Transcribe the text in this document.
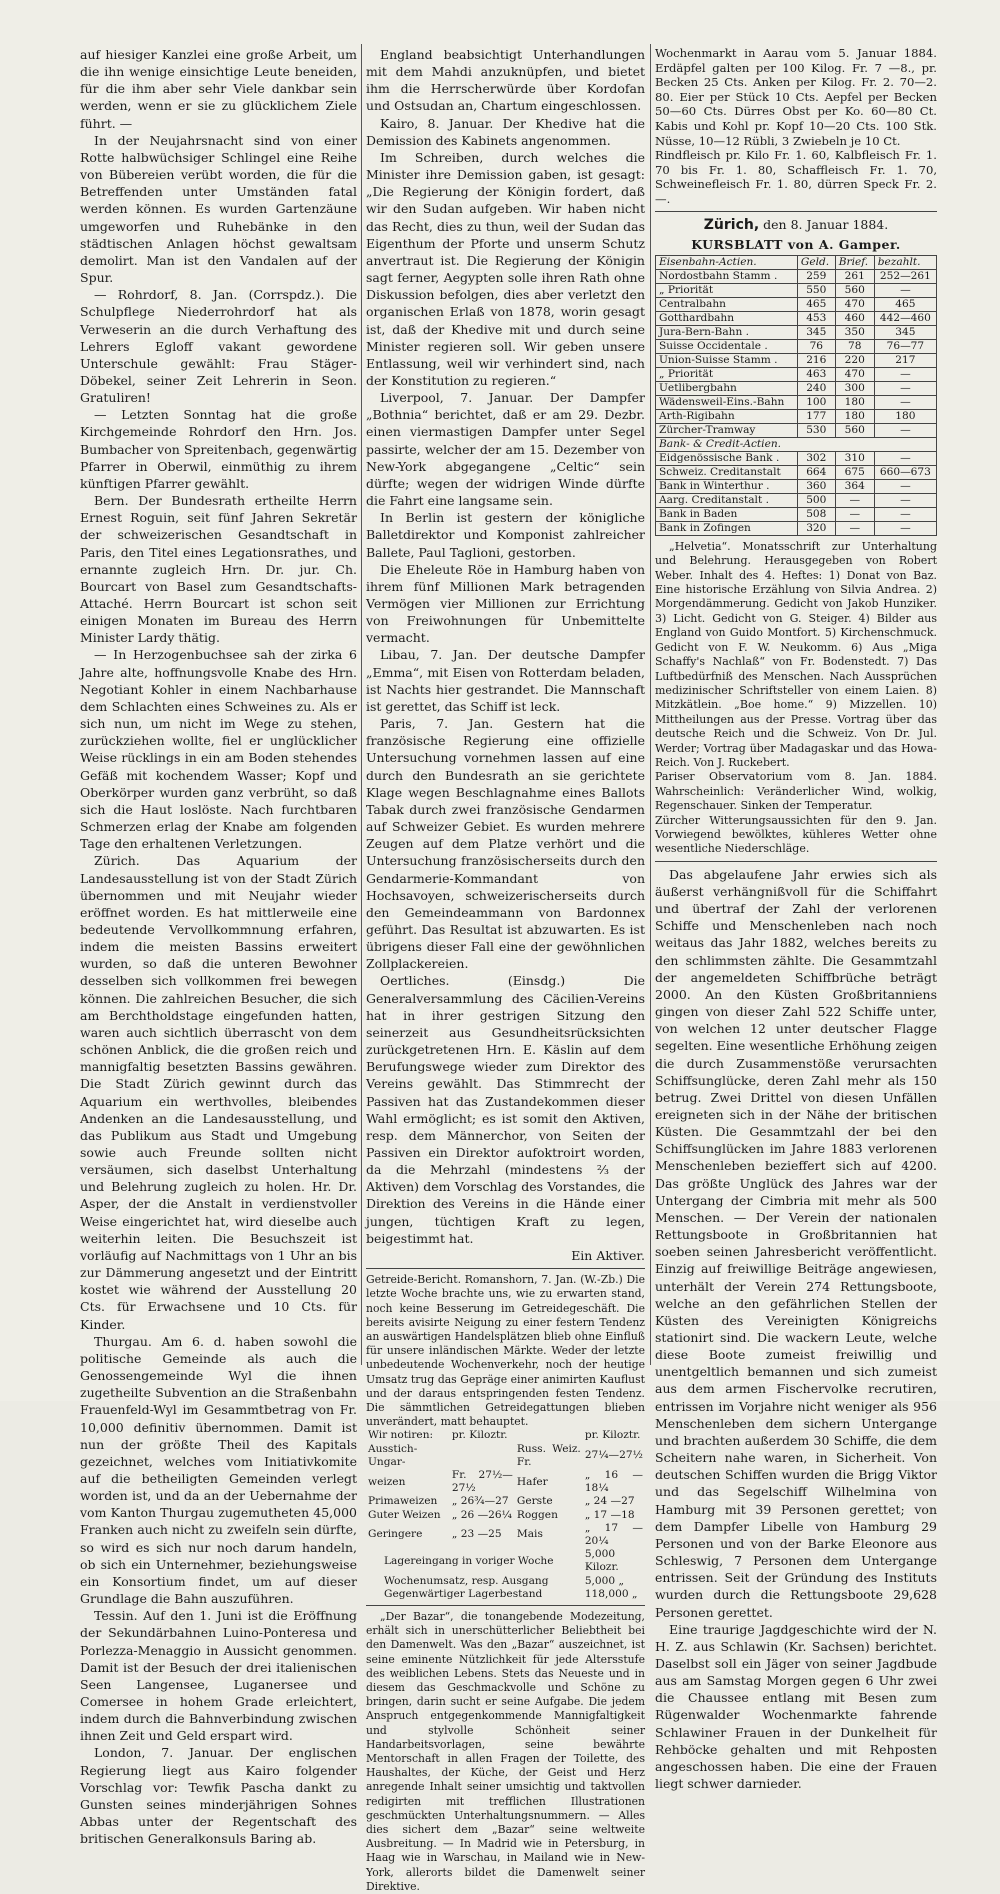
auf hiesiger Kanzlei eine große Arbeit, um die ihn wenige einsichtige Leute beneiden, für die ihm aber sehr Viele dankbar sein werden, wenn er sie zu glücklichem Ziele führt. —

In der Neujahrsnacht sind von einer Rotte halbwüchsiger Schlingel eine Reihe von Bübereien verübt worden, die für die Betreffenden unter Umständen fatal werden können. Es wurden Gartenzäune umgeworfen und Ruhebänke in den städtischen Anlagen höchst gewaltsam demolirt. Man ist den Vandalen auf der Spur.

— Rohrdorf, 8. Jan. (Corrspdz.). Die Schulpflege Niederrohrdorf hat als Verweserin an die durch Verhaftung des Lehrers Egloff vakant gewordene Unterschule gewählt: Frau Stäger-Döbekel, seiner Zeit Lehrerin in Seon. Gratuliren!

— Letzten Sonntag hat die große Kirchgemeinde Rohrdorf den Hrn. Jos. Bumbacher von Spreitenbach, gegenwärtig Pfarrer in Oberwil, einmüthig zu ihrem künftigen Pfarrer gewählt.

Bern. Der Bundesrath ertheilte Herrn Ernest Roguin, seit fünf Jahren Sekretär der schweizerischen Gesandtschaft in Paris, den Titel eines Legationsrathes, und ernannte zugleich Hrn. Dr. jur. Ch. Bourcart von Basel zum Gesandtschafts-Attaché. Herrn Bourcart ist schon seit einigen Monaten im Bureau des Herrn Minister Lardy thätig.

— In Herzogenbuchsee sah der zirka 6 Jahre alte, hoffnungsvolle Knabe des Hrn. Negotiant Kohler in einem Nachbarhause dem Schlachten eines Schweines zu. Als er sich nun, um nicht im Wege zu stehen, zurückziehen wollte, fiel er unglücklicher Weise rücklings in ein am Boden stehendes Gefäß mit kochendem Wasser; Kopf und Oberkörper wurden ganz verbrüht, so daß sich die Haut loslöste. Nach furchtbaren Schmerzen erlag der Knabe am folgenden Tage den erhaltenen Verletzungen.

Zürich. Das Aquarium der Landesausstellung ist von der Stadt Zürich übernommen und mit Neujahr wieder eröffnet worden. Es hat mittlerweile eine bedeutende Vervollkommnung erfahren, indem die meisten Bassins erweitert wurden, so daß die unteren Bewohner desselben sich vollkommen frei bewegen können. Die zahlreichen Besucher, die sich am Berchtholdstage eingefunden hatten, waren auch sichtlich überrascht von dem schönen Anblick, die die großen reich und mannigfaltig besetzten Bassins gewähren. Die Stadt Zürich gewinnt durch das Aquarium ein werthvolles, bleibendes Andenken an die Landesausstellung, und das Publikum aus Stadt und Umgebung sowie auch Freunde sollten nicht versäumen, sich daselbst Unterhaltung und Belehrung zugleich zu holen. Hr. Dr. Asper, der die Anstalt in verdienstvoller Weise eingerichtet hat, wird dieselbe auch weiterhin leiten. Die Besuchszeit ist vorläufig auf Nachmittags von 1 Uhr an bis zur Dämmerung angesetzt und der Eintritt kostet wie während der Ausstellung 20 Cts. für Erwachsene und 10 Cts. für Kinder.

Thurgau. Am 6. d. haben sowohl die politische Gemeinde als auch die Genossengemeinde Wyl die ihnen zugetheilte Subvention an die Straßenbahn Frauenfeld-Wyl im Gesammtbetrag von Fr. 10,000 definitiv übernommen. Damit ist nun der größte Theil des Kapitals gezeichnet, welches vom Initiativkomite auf die betheiligten Gemeinden verlegt worden ist, und da an der Uebernahme der vom Kanton Thurgau zugemutheten 45,000 Franken auch nicht zu zweifeln sein dürfte, so wird es sich nur noch darum handeln, ob sich ein Unternehmer, beziehungsweise ein Konsortium findet, um auf dieser Grundlage die Bahn auszuführen.

Tessin. Auf den 1. Juni ist die Eröffnung der Sekundärbahnen Luino-Ponteresa und Porlezza-Menaggio in Aussicht genommen. Damit ist der Besuch der drei italienischen Seen Langensee, Luganersee und Comersee in hohem Grade erleichtert, indem durch die Bahnverbindung zwischen ihnen Zeit und Geld erspart wird.

London, 7. Januar. Der englischen Regierung liegt aus Kairo folgender Vorschlag vor: Tewfik Pascha dankt zu Gunsten seines minderjährigen Sohnes Abbas unter der Regentschaft des britischen Generalkonsuls Baring ab.

England beabsichtigt Unterhandlungen mit dem Mahdi anzuknüpfen, und bietet ihm die Herrscherwürde über Kordofan und Ostsudan an, Chartum eingeschlossen.

Kairo, 8. Januar. Der Khedive hat die Demission des Kabinets angenommen.

Im Schreiben, durch welches die Minister ihre Demission gaben, ist gesagt: „Die Regierung der Königin fordert, daß wir den Sudan aufgeben. Wir haben nicht das Recht, dies zu thun, weil der Sudan das Eigenthum der Pforte und unserm Schutz anvertraut ist. Die Regierung der Königin sagt ferner, Aegypten solle ihren Rath ohne Diskussion befolgen, dies aber verletzt den organischen Erlaß von 1878, worin gesagt ist, daß der Khedive mit und durch seine Minister regieren soll. Wir geben unsere Entlassung, weil wir verhindert sind, nach der Konstitution zu regieren.“

Liverpool, 7. Januar. Der Dampfer „Bothnia“ berichtet, daß er am 29. Dezbr. einen viermastigen Dampfer unter Segel passirte, welcher der am 15. Dezember von New-York abgegangene „Celtic“ sein dürfte; wegen der widrigen Winde dürfte die Fahrt eine langsame sein.

In Berlin ist gestern der königliche Balletdirektor und Komponist zahlreicher Ballete, Paul Taglioni, gestorben.

Die Eheleute Röe in Hamburg haben von ihrem fünf Millionen Mark betragenden Vermögen vier Millionen zur Errichtung von Freiwohnungen für Unbemittelte vermacht.

Libau, 7. Jan. Der deutsche Dampfer „Emma“, mit Eisen von Rotterdam beladen, ist Nachts hier gestrandet. Die Mannschaft ist gerettet, das Schiff ist leck.

Paris, 7. Jan. Gestern hat die französische Regierung eine offizielle Untersuchung vornehmen lassen auf eine durch den Bundesrath an sie gerichtete Klage wegen Beschlagnahme eines Ballots Tabak durch zwei französische Gendarmen auf Schweizer Gebiet. Es wurden mehrere Zeugen auf dem Platze verhört und die Untersuchung französischerseits durch den Gendarmerie-Kommandant von Hochsavoyen, schweizerischerseits durch den Gemeindeammann von Bardonnex geführt. Das Resultat ist abzuwarten. Es ist übrigens dieser Fall eine der gewöhnlichen Zollplackereien.

Oertliches. (Einsdg.) Die Generalversammlung des Cäcilien-Vereins hat in ihrer gestrigen Sitzung den seinerzeit aus Gesundheitsrücksichten zurückgetretenen Hrn. E. Käslin auf dem Berufungswege wieder zum Direktor des Vereins gewählt. Das Stimmrecht der Passiven hat das Zustandekommen dieser Wahl ermöglicht; es ist somit den Aktiven, resp. dem Männerchor, von Seiten der Passiven ein Direktor aufoktroirt worden, da die Mehrzahl (mindestens ⅔ der Aktiven) dem Vorschlag des Vorstandes, die Direktion des Vereins in die Hände einer jungen, tüchtigen Kraft zu legen, beigestimmt hat.

Ein Aktiver.

Getreide-Bericht. Romanshorn, 7. Jan. (W.-Zb.) Die letzte Woche brachte uns, wie zu erwarten stand, noch keine Besserung im Getreidegeschäft. Die bereits avisirte Neigung zu einer festern Tendenz an auswärtigen Handelsplätzen blieb ohne Einfluß für unsere inländischen Märkte. Weder der letzte unbedeutende Wochenverkehr, noch der heutige Umsatz trug das Gepräge einer animirten Kauflust und der daraus entspringenden festen Tendenz. Die sämmtlichen Getreidegattungen blieben unverändert, matt behauptet.

Wir notiren:	pr. Kiloztr.		pr. Kiloztr.
Ausstich-Ungar-		Russ. Weiz. Fr.	27¼—27½
weizen	Fr. 27½—27½	Hafer	„ 16 —18¼
Primaweizen	„ 26¾—27	Gerste	„ 24 —27
Guter Weizen	„ 26 —26¼	Roggen	„ 17 —18
Geringere	„ 23 —25	Mais	„ 17 —20¼
Lagereingang in voriger Woche			5,000 Kilozr.
Wochenumsatz, resp. Ausgang			5,000 „
Gegenwärtiger Lagerbestand			118,000 „

„Der Bazar“, die tonangebende Modezeitung, erhält sich in unerschütterlicher Beliebtheit bei den Damenwelt. Was den „Bazar“ auszeichnet, ist seine eminente Nützlichkeit für jede Altersstufe des weiblichen Lebens. Stets das Neueste und in diesem das Geschmackvolle und Schöne zu bringen, darin sucht er seine Aufgabe. Die jedem Anspruch entgegenkommende Mannigfaltigkeit und stylvolle Schönheit seiner Handarbeitsvorlagen, seine bewährte Mentorschaft in allen Fragen der Toilette, des Haushaltes, der Küche, der Geist und Herz anregende Inhalt seiner umsichtig und taktvollen redigirten mit trefflichen Illustrationen geschmückten Unterhaltungsnummern. — Alles dies sichert dem „Bazar“ seine weltweite Ausbreitung. — In Madrid wie in Petersburg, in Haag wie in Warschau, in Mailand wie in New-York, allerorts bildet die Damenwelt seiner Direktive.

Wochenmarkt in Aarau vom 5. Januar 1884. Erdäpfel galten per 100 Kilog. Fr. 7 —8., pr. Becken 25 Cts. Anken per Kilog. Fr. 2. 70—2. 80. Eier per Stück 10 Cts. Aepfel per Becken 50—60 Cts. Dürres Obst per Ko. 60—80 Ct. Kabis und Kohl pr. Kopf 10—20 Cts. 100 Stk. Nüsse, 10—12 Rübli, 3 Zwiebeln je 10 Ct.

Rindfleisch pr. Kilo Fr. 1. 60, Kalbfleisch Fr. 1. 70 bis Fr. 1. 80, Schaffleisch Fr. 1. 70, Schweinefleisch Fr. 1. 80, dürren Speck Fr. 2. —.

Zürich, den 8. Januar 1884.

KURSBLATT von A. Gamper.

Eisenbahn-Actien.	Geld.	Brief.	bezahlt.
Nordostbahn Stamm .	259	261	252—261
„ Priorität	550	560	—
Centralbahn	465	470	465
Gotthardbahn	453	460	442—460
Jura-Bern-Bahn .	345	350	345
Suisse Occidentale .	76	78	76—77
Union-Suisse Stamm .	216	220	217
„ Priorität	463	470	—
Uetlibergbahn	240	300	—
Wädensweil-Eins.-Bahn	100	180	—
Arth-Rigibahn	177	180	180
Zürcher-Tramway	530	560	—
Bank- & Credit-Actien.			
Eidgenössische Bank .	302	310	—
Schweiz. Creditanstalt	664	675	660—673
Bank in Winterthur .	360	364	—
Aarg. Creditanstalt .	500	—	—
Bank in Baden	508	—	—
Bank in Zofingen	320	—	—

„Helvetia“. Monatsschrift zur Unterhaltung und Belehrung. Herausgegeben von Robert Weber. Inhalt des 4. Heftes: 1) Donat von Baz. Eine historische Erzählung von Silvia Andrea. 2) Morgendämmerung. Gedicht von Jakob Hunziker. 3) Licht. Gedicht von G. Steiger. 4) Bilder aus England von Guido Montfort. 5) Kirchenschmuck. Gedicht von F. W. Neukomm. 6) Aus „Miga Schaffy's Nachlaß“ von Fr. Bodenstedt. 7) Das Luftbedürfniß des Menschen. Nach Aussprüchen medizinischer Schriftsteller von einem Laien. 8) Mitzkätlein. „Boe home.“ 9) Mizzellen. 10) Mittheilungen aus der Presse. Vortrag über das deutsche Reich und die Schweiz. Von Dr. Jul. Werder; Vortrag über Madagaskar und das Howa-Reich. Von J. Ruckebert.

Pariser Observatorium vom 8. Jan. 1884. Wahrscheinlich: Veränderlicher Wind, wolkig, Regenschauer. Sinken der Temperatur.

Zürcher Witterungsaussichten für den 9. Jan. Vorwiegend bewölktes, kühleres Wetter ohne wesentliche Niederschläge.

Das abgelaufene Jahr erwies sich als äußerst verhängnißvoll für die Schiffahrt und übertraf der Zahl der verlorenen Schiffe und Menschenleben nach noch weitaus das Jahr 1882, welches bereits zu den schlimmsten zählte. Die Gesammtzahl der angemeldeten Schiffbrüche beträgt 2000. An den Küsten Großbritanniens gingen von dieser Zahl 522 Schiffe unter, von welchen 12 unter deutscher Flagge segelten. Eine wesentliche Erhöhung zeigen die durch Zusammenstöße verursachten Schiffsunglücke, deren Zahl mehr als 150 betrug. Zwei Drittel von diesen Unfällen ereigneten sich in der Nähe der britischen Küsten. Die Gesammtzahl der bei den Schiffsunglücken im Jahre 1883 verlorenen Menschenleben bezieffert sich auf 4200. Das größte Unglück des Jahres war der Untergang der Cimbria mit mehr als 500 Menschen. — Der Verein der nationalen Rettungsboote in Großbritannien hat soeben seinen Jahresbericht veröffentlicht. Einzig auf freiwillige Beiträge angewiesen, unterhält der Verein 274 Rettungsboote, welche an den gefährlichen Stellen der Küsten des Vereinigten Königreichs stationirt sind. Die wackern Leute, welche diese Boote zumeist freiwillig und unentgeltlich bemannen und sich zumeist aus dem armen Fischervolke recrutiren, entrissen im Vorjahre nicht weniger als 956 Menschenleben dem sichern Untergange und brachten außerdem 30 Schiffe, die dem Scheitern nahe waren, in Sicherheit. Von deutschen Schiffen wurden die Brigg Viktor und das Segelschiff Wilhelmina von Hamburg mit 39 Personen gerettet; von dem Dampfer Libelle von Hamburg 29 Personen und von der Barke Eleonore aus Schleswig, 7 Personen dem Untergange entrissen. Seit der Gründung des Instituts wurden durch die Rettungsboote 29,628 Personen gerettet.

Eine traurige Jagdgeschichte wird der N. H. Z. aus Schlawin (Kr. Sachsen) berichtet. Daselbst soll ein Jäger von seiner Jagdbude aus am Samstag Morgen gegen 6 Uhr zwei die Chaussee entlang mit Besen zum Rügenwalder Wochenmarkte fahrende Schlawiner Frauen in der Dunkelheit für Rehböcke gehalten und mit Rehposten angeschossen haben. Die eine der Frauen liegt schwer darnieder.
